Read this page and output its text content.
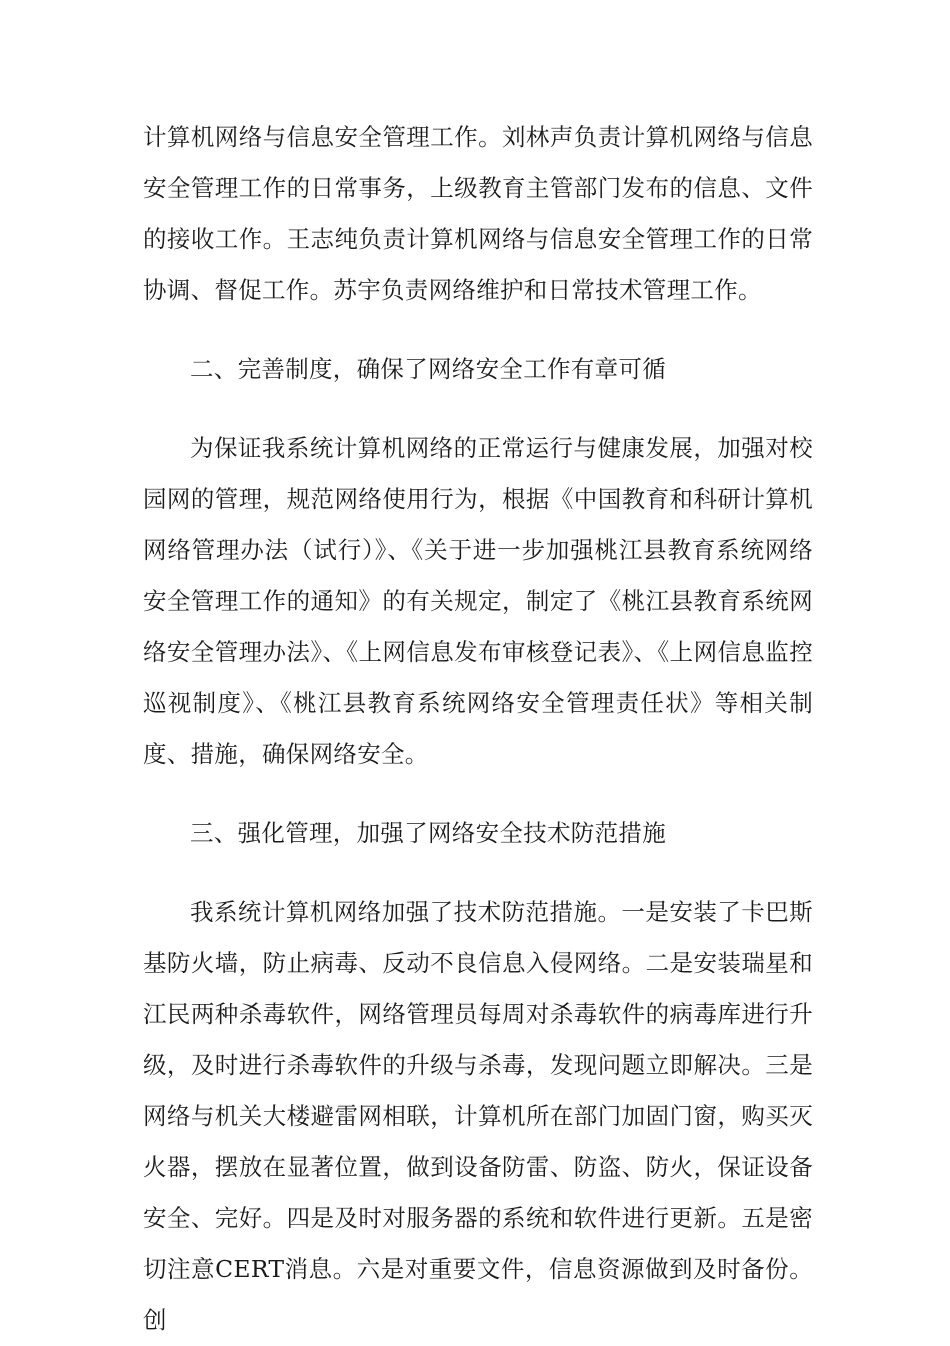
计算机网络与信息安全管理工作。刘林声负责计算机网络与信息安全管理工作的日常事务，上级教育主管部门发布的信息、文件的接收工作。王志纯负责计算机网络与信息安全管理工作的日常协调、督促工作。苏宇负责网络维护和日常技术管理工作。

二、完善制度，确保了网络安全工作有章可循

为保证我系统计算机网络的正常运行与健康发展，加强对校园网的管理，规范网络使用行为，根据《中国教育和科研计算机网络管理办法（试行）》、《关于进一步加强桃江县教育系统网络安全管理工作的通知》的有关规定，制定了《桃江县教育系统网络安全管理办法》、《上网信息发布审核登记表》、《上网信息监控巡视制度》、《桃江县教育系统网络安全管理责任状》等相关制度、措施，确保网络安全。

三、强化管理，加强了网络安全技术防范措施

我系统计算机网络加强了技术防范措施。一是安装了卡巴斯基防火墙，防止病毒、反动不良信息入侵网络。二是安装瑞星和江民两种杀毒软件，网络管理员每周对杀毒软件的病毒库进行升级，及时进行杀毒软件的升级与杀毒，发现问题立即解决。三是网络与机关大楼避雷网相联，计算机所在部门加固门窗，购买灭火器，摆放在显著位置，做到设备防雷、防盗、防火，保证设备安全、完好。四是及时对服务器的系统和软件进行更新。五是密切注意CERT消息。六是对重要文件，信息资源做到及时备份。创
